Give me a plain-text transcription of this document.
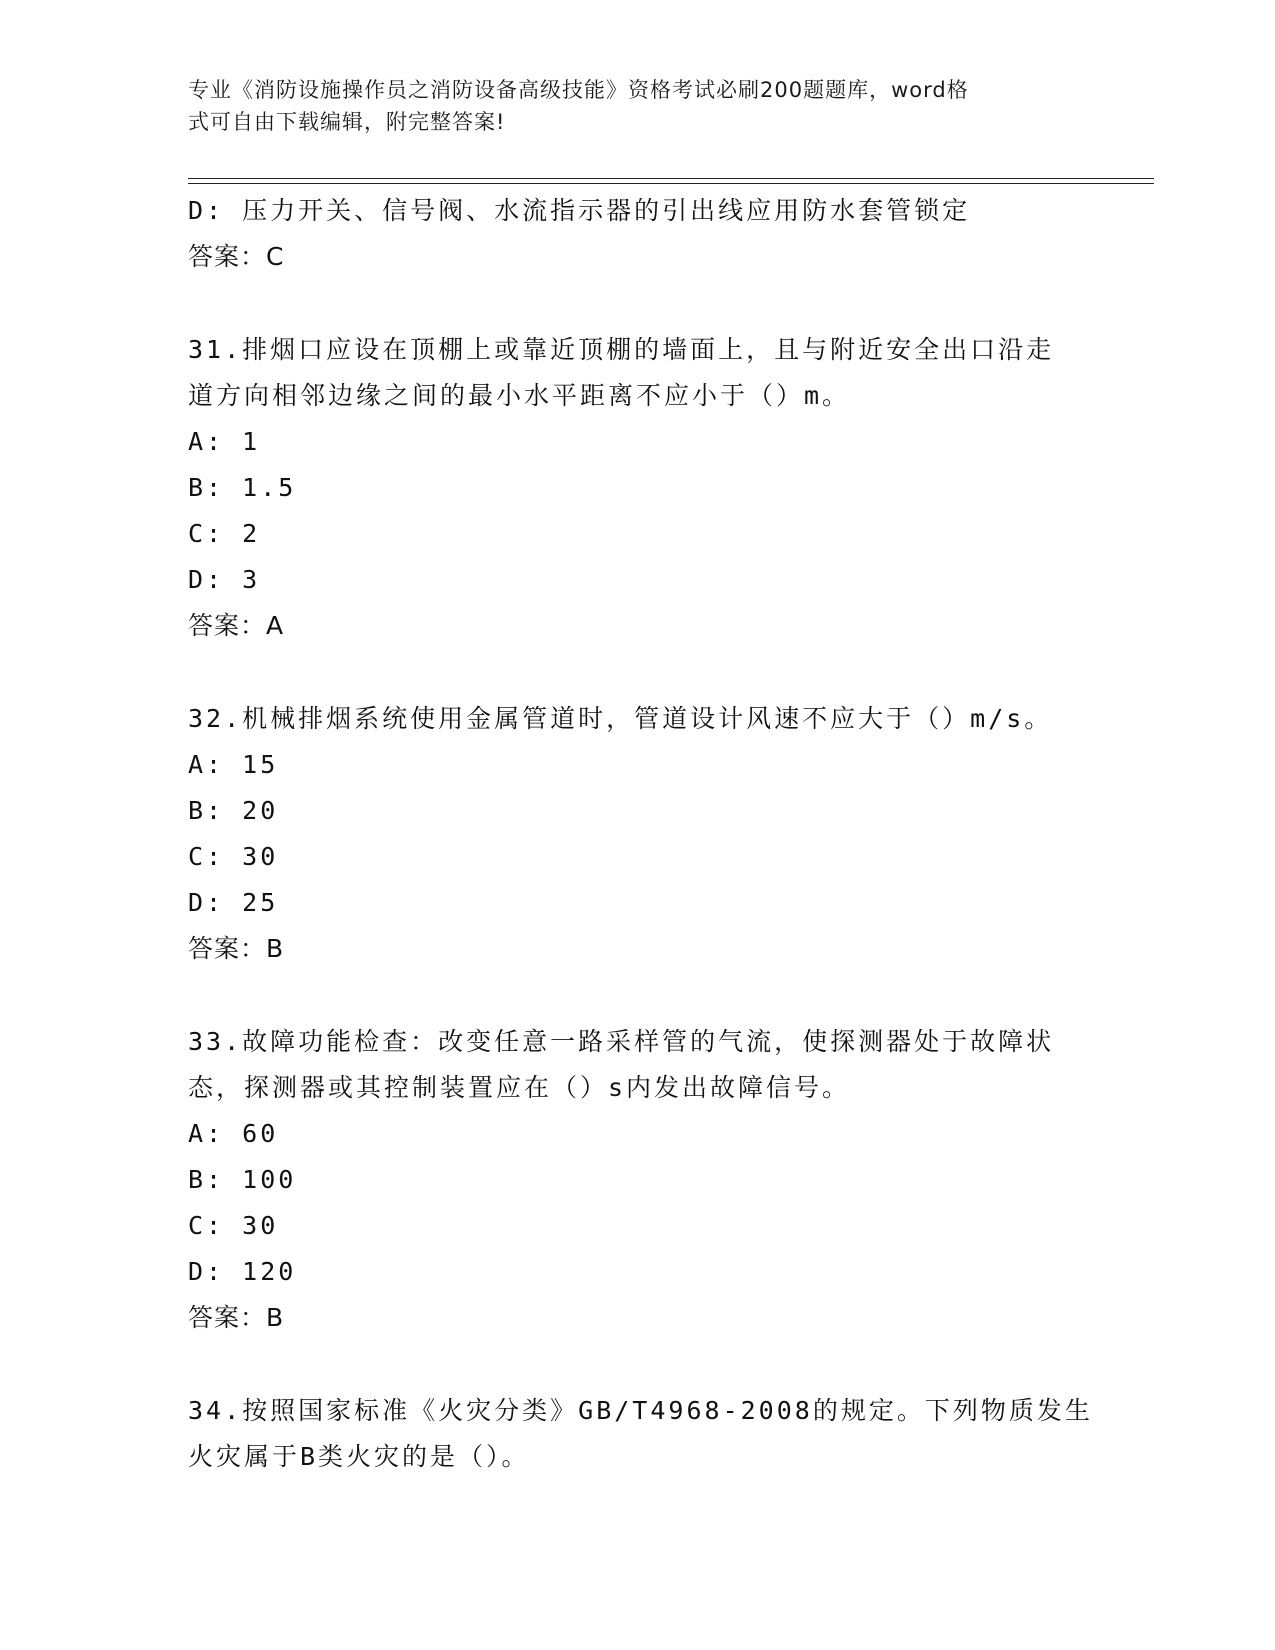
专业《消防设施操作员之消防设备高级技能》资格考试必刷200题题库，word格
式可自由下载编辑，附完整答案!
D: 压力开关、信号阀、水流指示器的引出线应用防水套管锁定
答案：C
31.排烟口应设在顶棚上或靠近顶棚的墙面上，且与附近安全出口沿走
道方向相邻边缘之间的最小水平距离不应小于（）m。
A: 1
B: 1.5
C: 2
D: 3
答案：A
32.机械排烟系统使用金属管道时，管道设计风速不应大于（）m/s。
A: 15
B: 20
C: 30
D: 25
答案：B
33.故障功能检查：改变任意一路采样管的气流，使探测器处于故障状
态，探测器或其控制装置应在（）s内发出故障信号。
A: 60
B: 100
C: 30
D: 120
答案：B
34.按照国家标准《火灾分类》GB/T4968-2008的规定。下列物质发生
火灾属于B类火灾的是（）。
